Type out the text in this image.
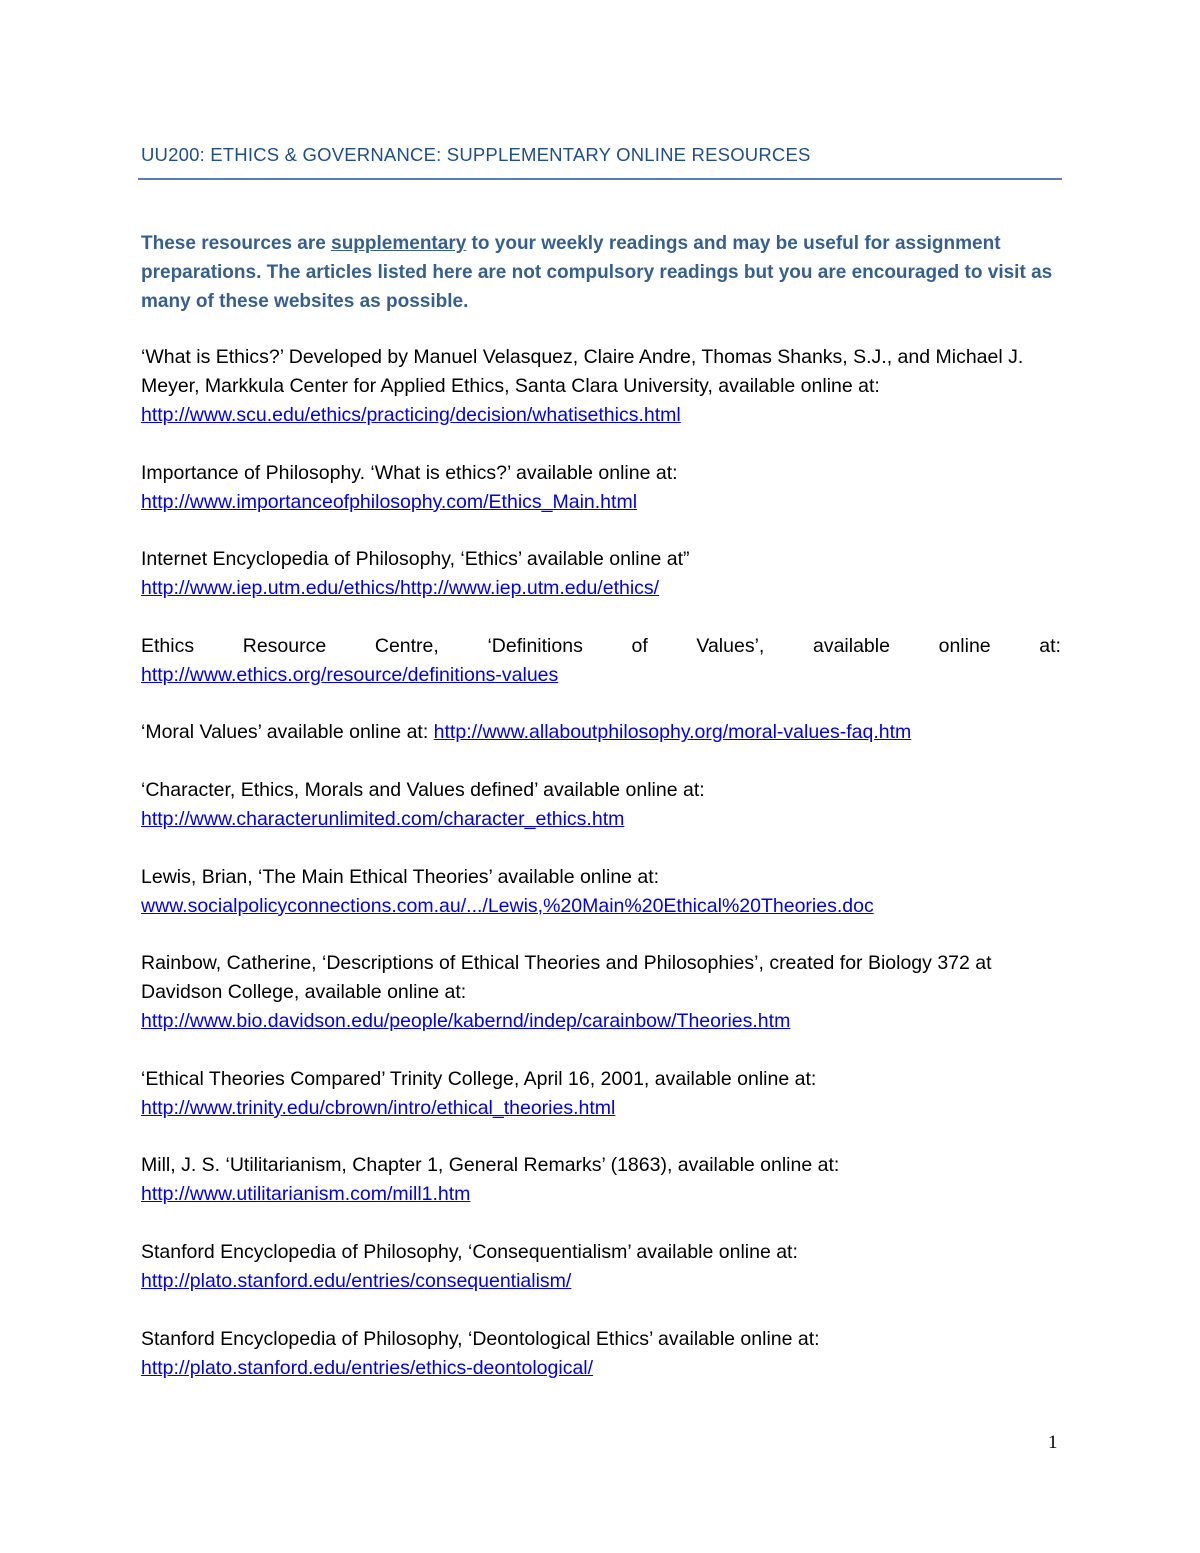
UU200: ETHICS & GOVERNANCE: SUPPLEMENTARY ONLINE RESOURCES
These resources are supplementary to your weekly readings and may be useful for assignment preparations. The articles listed here are not compulsory readings but you are encouraged to visit as many of these websites as possible.
‘What is Ethics?’ Developed by Manuel Velasquez, Claire Andre, Thomas Shanks, S.J., and Michael J. Meyer, Markkula Center for Applied Ethics, Santa Clara University, available online at: http://www.scu.edu/ethics/practicing/decision/whatisethics.html
Importance of Philosophy. ‘What is ethics?’ available online at:
http://www.importanceofphilosophy.com/Ethics_Main.html
Internet Encyclopedia of Philosophy, ‘Ethics’ available online at”
http://www.iep.utm.edu/ethics/http://www.iep.utm.edu/ethics/
Ethics Resource Centre, ‘Definitions of Values’, available online at:
http://www.ethics.org/resource/definitions-values
‘Moral Values’ available online at: http://www.allaboutphilosophy.org/moral-values-faq.htm
‘Character, Ethics, Morals and Values defined’ available online at:
http://www.characterunlimited.com/character_ethics.htm
Lewis, Brian, ‘The Main Ethical Theories’ available online at:
www.socialpolicyconnections.com.au/.../Lewis,%20Main%20Ethical%20Theories.doc
Rainbow, Catherine, ‘Descriptions of Ethical Theories and Philosophies’, created for Biology 372 at Davidson College, available online at:
http://www.bio.davidson.edu/people/kabernd/indep/carainbow/Theories.htm
‘Ethical Theories Compared’ Trinity College, April 16, 2001, available online at:
http://www.trinity.edu/cbrown/intro/ethical_theories.html
Mill, J. S. ‘Utilitarianism, Chapter 1, General Remarks’ (1863), available online at:
http://www.utilitarianism.com/mill1.htm
Stanford Encyclopedia of Philosophy, ‘Consequentialism’ available online at:
http://plato.stanford.edu/entries/consequentialism/
Stanford Encyclopedia of Philosophy, ‘Deontological Ethics’ available online at:
http://plato.stanford.edu/entries/ethics-deontological/
1
